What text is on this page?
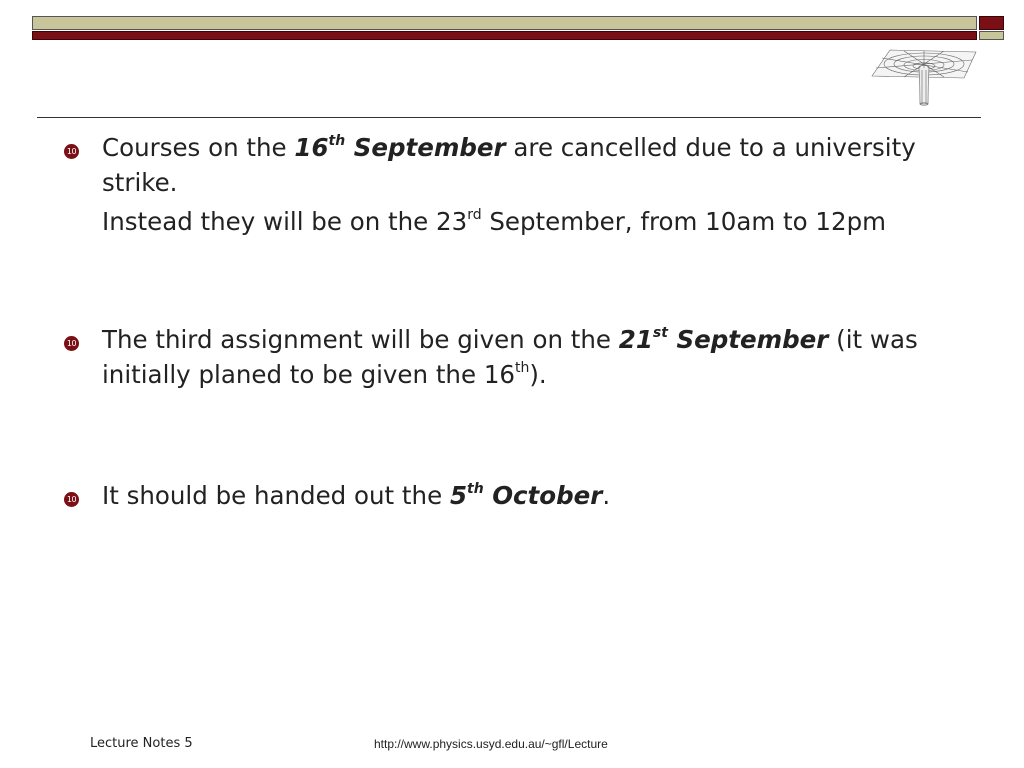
10 Courses on the 16th September are cancelled due to a university strike.
Instead they will be on the 23rd September, from 10am to 12pm
10 The third assignment will be given on the 21st September (it was initially planed to be given the 16th).
10 It should be handed out the 5th October.
Lecture Notes 5	http://www.physics.usyd.edu.au/~gfl/Lecture
